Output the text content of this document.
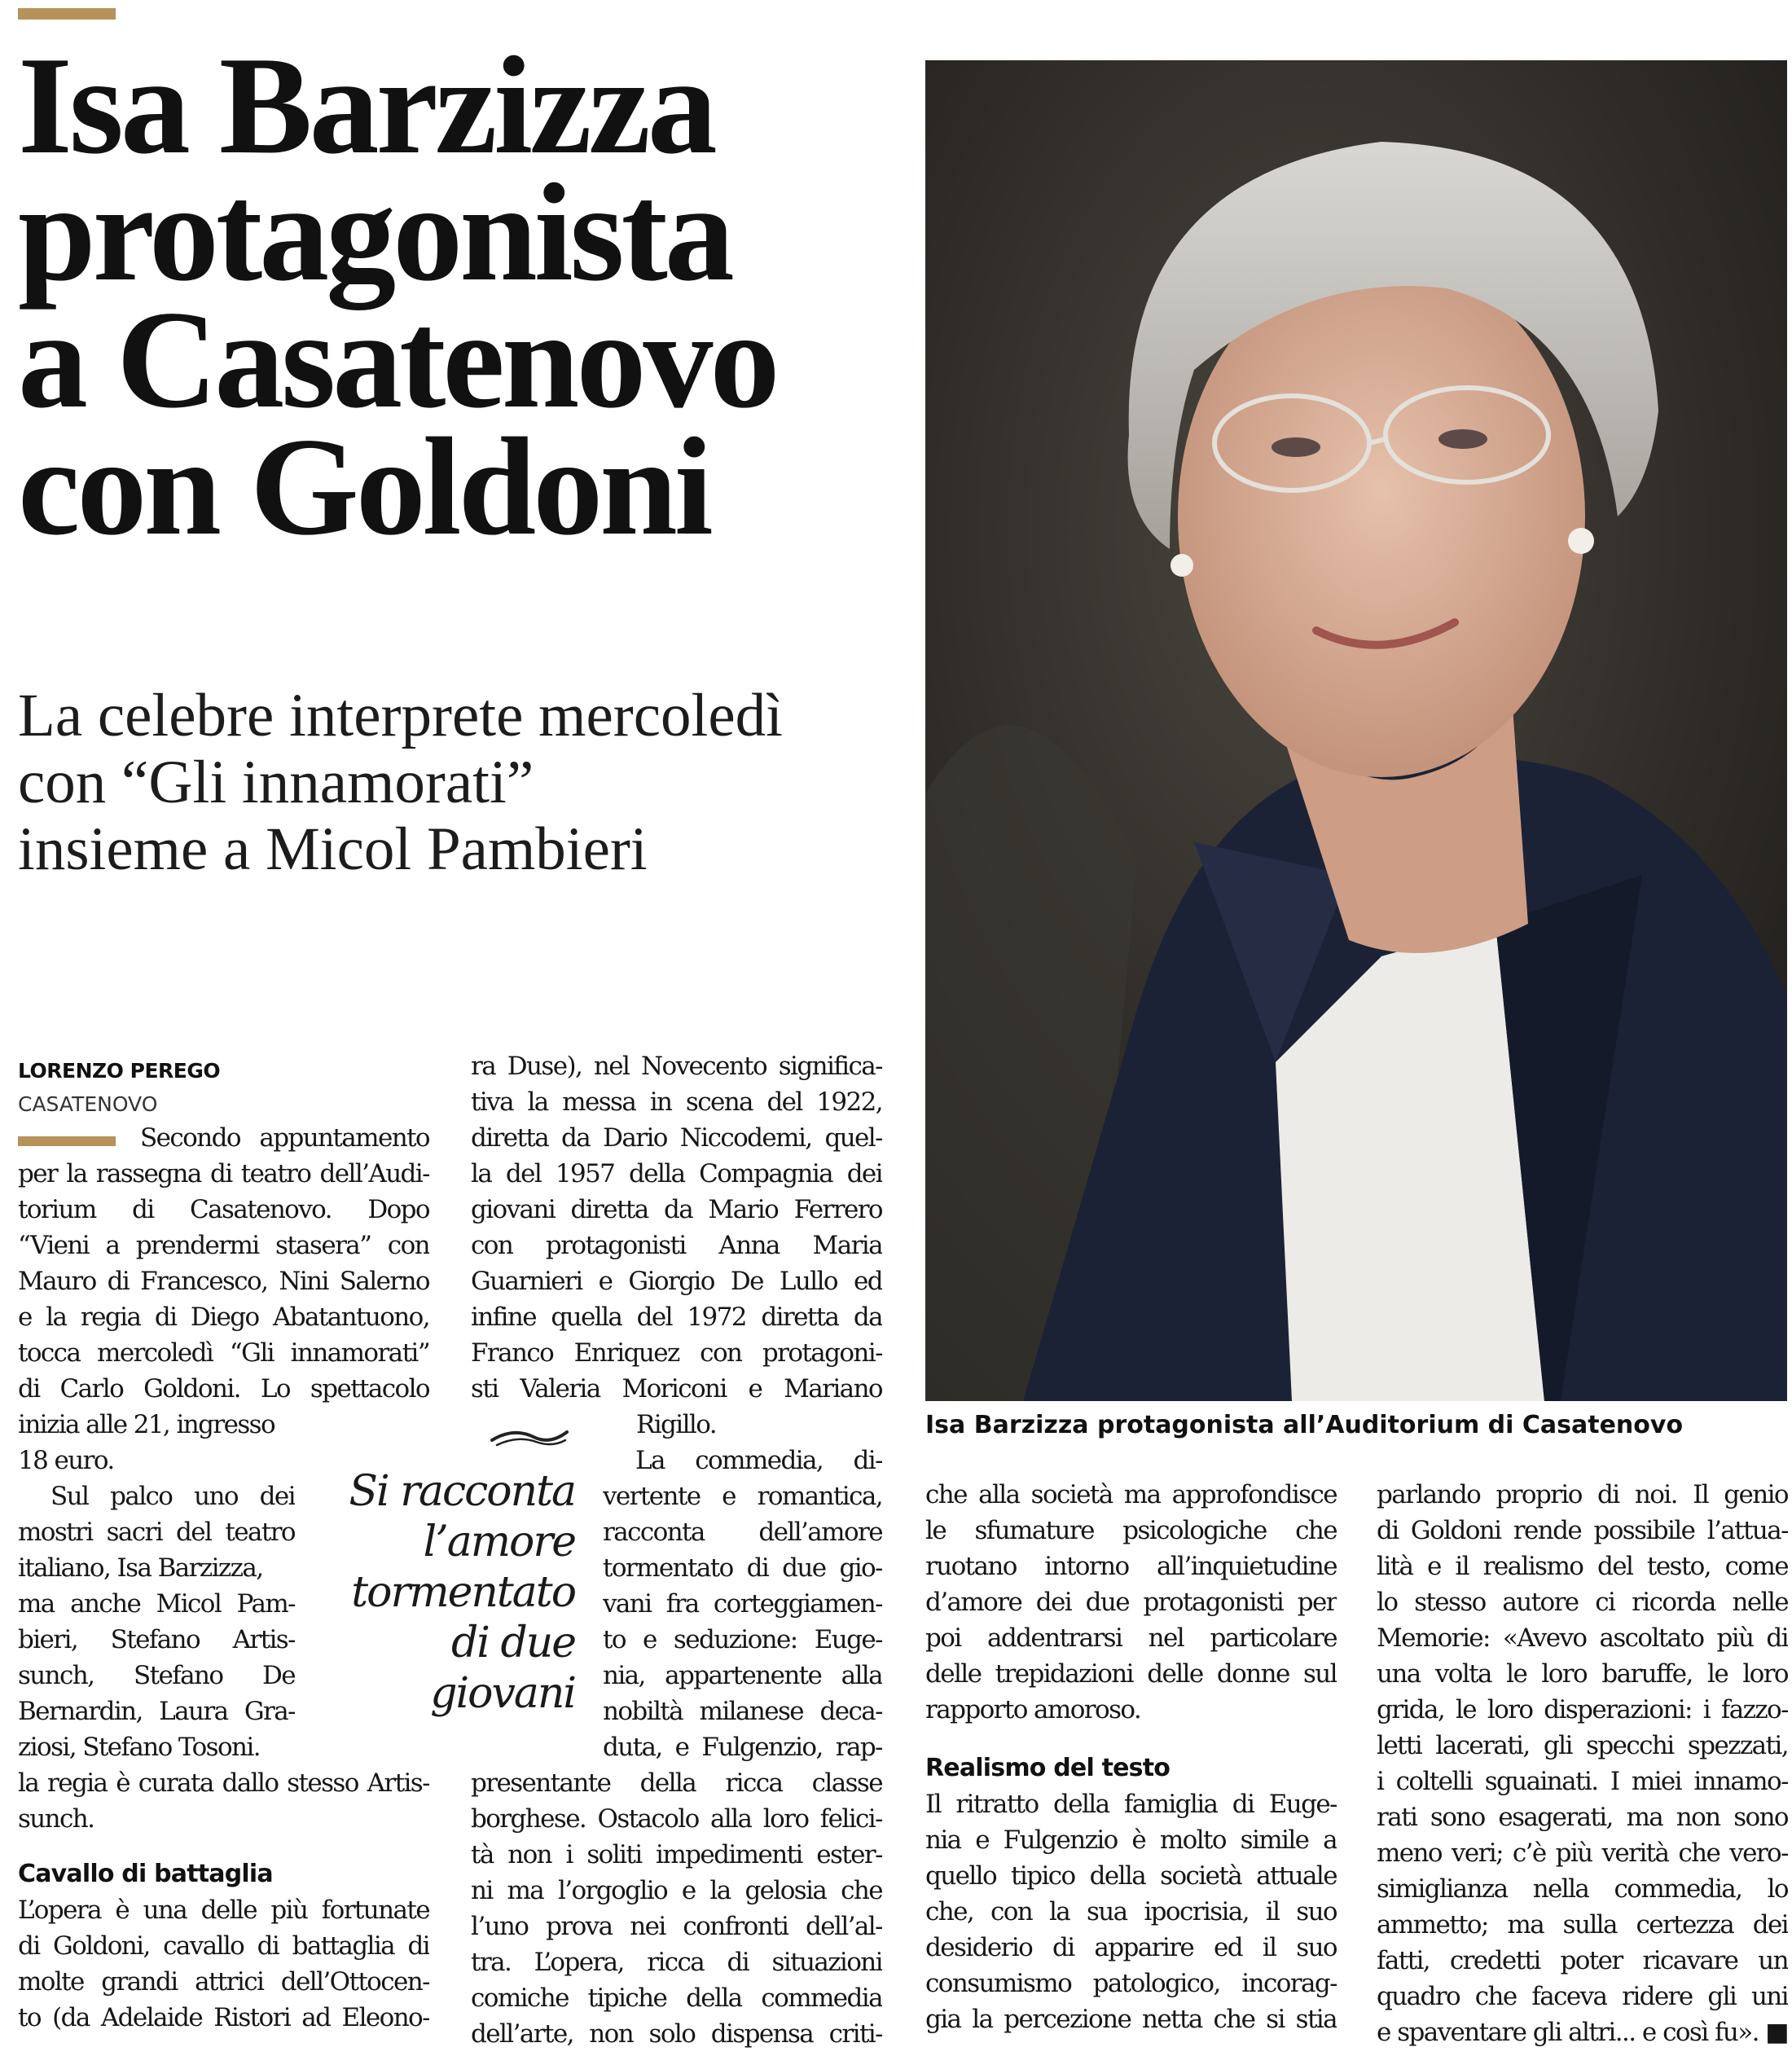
Isa Barzizza
protagonista
a Casatenovo
con Goldoni
La celebre interprete mercoledì
con “Gli innamorati”
insieme a Micol Pambieri
Isa Barzizza protagonista all’Auditorium di Casatenovo
LORENZO PEREGO
CASATENOVO
Secondo appuntamento
per la rassegna di teatro dell’Audi-
torium di Casatenovo. Dopo
“Vieni a prendermi stasera” con
Mauro di Francesco, Nini Salerno
e la regia di Diego Abatantuono,
tocca mercoledì “Gli innamorati”
di Carlo Goldoni. Lo spettacolo
inizia alle 21, ingresso
18 euro.
Sul palco uno dei
mostri sacri del teatro
italiano, Isa Barzizza,
ma anche Micol Pam-
bieri, Stefano Artis-
sunch, Stefano De
Bernardin, Laura Gra-
ziosi, Stefano Tosoni.
la regia è curata dallo stesso Artis-
sunch.
Cavallo di battaglia
L’opera è una delle più fortunate
di Goldoni, cavallo di battaglia di
molte grandi attrici dell’Ottocen-
to (da Adelaide Ristori ad Eleono-
ra Duse), nel Novecento significa-
tiva la messa in scena del 1922,
diretta da Dario Niccodemi, quel-
la del 1957 della Compagnia dei
giovani diretta da Mario Ferrero
con protagonisti Anna Maria
Guarnieri e Giorgio De Lullo ed
infine quella del 1972 diretta da
Franco Enriquez con protagoni-
sti Valeria Moriconi e Mariano
Rigillo.
La commedia, di-
vertente e romantica,
racconta dell’amore
tormentato di due gio-
vani fra corteggiamen-
to e seduzione: Euge-
nia, appartenente alla
nobiltà milanese deca-
duta, e Fulgenzio, rap-
presentante della ricca classe
borghese. Ostacolo alla loro felici-
tà non i soliti impedimenti ester-
ni ma l’orgoglio e la gelosia che
l’uno prova nei confronti dell’al-
tra. L’opera, ricca di situazioni
comiche tipiche della commedia
dell’arte, non solo dispensa criti-
Si racconta
l’amore
tormentato
di due
giovani
che alla società ma approfondisce
le sfumature psicologiche che
ruotano intorno all’inquietudine
d’amore dei due protagonisti per
poi addentrarsi nel particolare
delle trepidazioni delle donne sul
rapporto amoroso.
Realismo del testo
Il ritratto della famiglia di Euge-
nia e Fulgenzio è molto simile a
quello tipico della società attuale
che, con la sua ipocrisia, il suo
desiderio di apparire ed il suo
consumismo patologico, incorag-
gia la percezione netta che si stia
parlando proprio di noi. Il genio
di Goldoni rende possibile l’attua-
lità e il realismo del testo, come
lo stesso autore ci ricorda nelle
Memorie: «Avevo ascoltato più di
una volta le loro baruffe, le loro
grida, le loro disperazioni: i fazzo-
letti lacerati, gli specchi spezzati,
i coltelli sguainati. I miei innamo-
rati sono esagerati, ma non sono
meno veri; c’è più verità che vero-
simiglianza nella commedia, lo
ammetto; ma sulla certezza dei
fatti, credetti poter ricavare un
quadro che faceva ridere gli uni
e spaventare gli altri... e così fu». ■
